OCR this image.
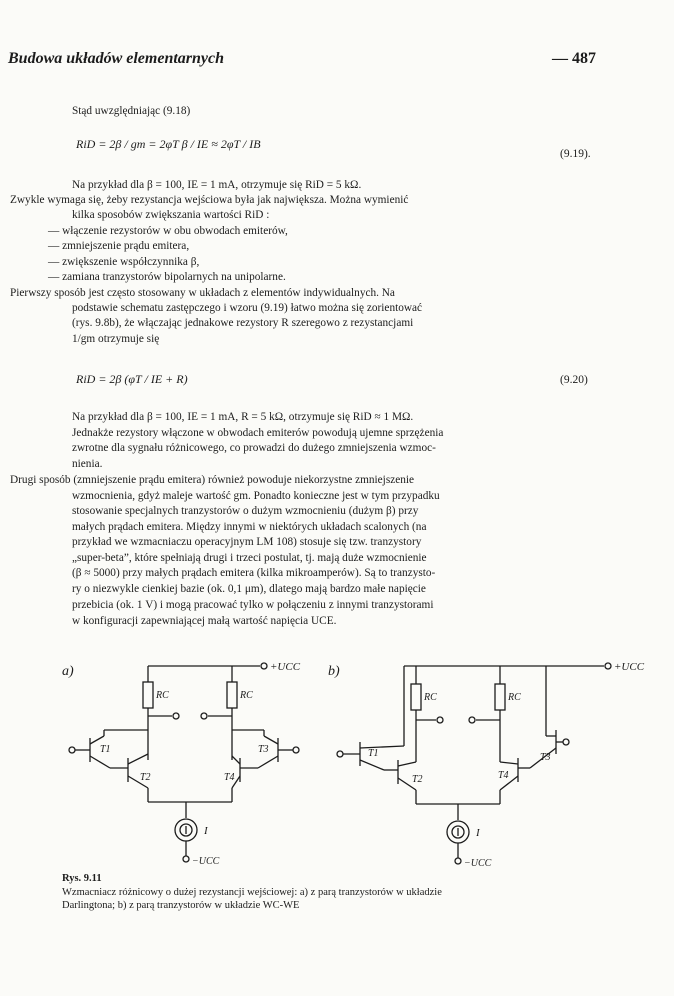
Budowa układów elementarnych	— 487
Stąd uwzględniając (9.18)
RiD = 2β / gm = 2φT β / IE ≈ 2φT / IB
(9.19).
Na przykład dla β = 100, IE = 1 mA, otrzymuje się RiD = 5 kΩ.
Zwykle wymaga się, żeby rezystancja wejściowa była jak największa. Można wymienić
kilka sposobów zwiększania wartości RiD :
— włączenie rezystorów w obu obwodach emiterów,
— zmniejszenie prądu emitera,
— zwiększenie współczynnika β,
— zamiana tranzystorów bipolarnych na unipolarne.
Pierwszy sposób jest często stosowany w układach z elementów indywidualnych. Na
podstawie schematu zastępczego i wzoru (9.19) łatwo można się zorientować
(rys. 9.8b), że włączając jednakowe rezystory R szeregowo z rezystancjami
1/gm otrzymuje się
RiD = 2β (φT / IE + R)	(9.20)
Na przykład dla β = 100, IE = 1 mA, R = 5 kΩ, otrzymuje się RiD ≈ 1 MΩ.
Jednakże rezystory włączone w obwodach emiterów powodują ujemne sprzężenia
zwrotne dla sygnału różnicowego, co prowadzi do dużego zmniejszenia wzmoc-
nienia.
Drugi sposób (zmniejszenie prądu emitera) również powoduje niekorzystne zmniejszenie
wzmocnienia, gdyż maleje wartość gm. Ponadto konieczne jest w tym przypadku
stosowanie specjalnych tranzystorów o dużym wzmocnieniu (dużym β) przy
małych prądach emitera. Między innymi w niektórych układach scalonych (na
przykład we wzmacniaczu operacyjnym LM 108) stosuje się tzw. tranzystory
„super-beta”, które spełniają drugi i trzeci postulat, tj. mają duże wzmocnienie
(β ≈ 5000) przy małych prądach emitera (kilka mikroamperów). Są to tranzysto-
ry o niezwykle cienkiej bazie (ok. 0,1 μm), dlatego mają bardzo małe napięcie
przebicia (ok. 1 V) i mogą pracować tylko w połączeniu z innymi tranzystorami
w konfiguracji zapewniającej małą wartość napięcia UCE.
a)	+UCC
RC	RC
T1
T2
T3
T4
I
−UCC
b)	+UCC
RC	RC
T1
T2
T3
T4
I
−UCC
Rys. 9.11
Wzmacniacz różnicowy o dużej rezystancji wejściowej: a) z parą tranzystorów w układzie
Darlingtona; b) z parą tranzystorów w układzie WC-WE
